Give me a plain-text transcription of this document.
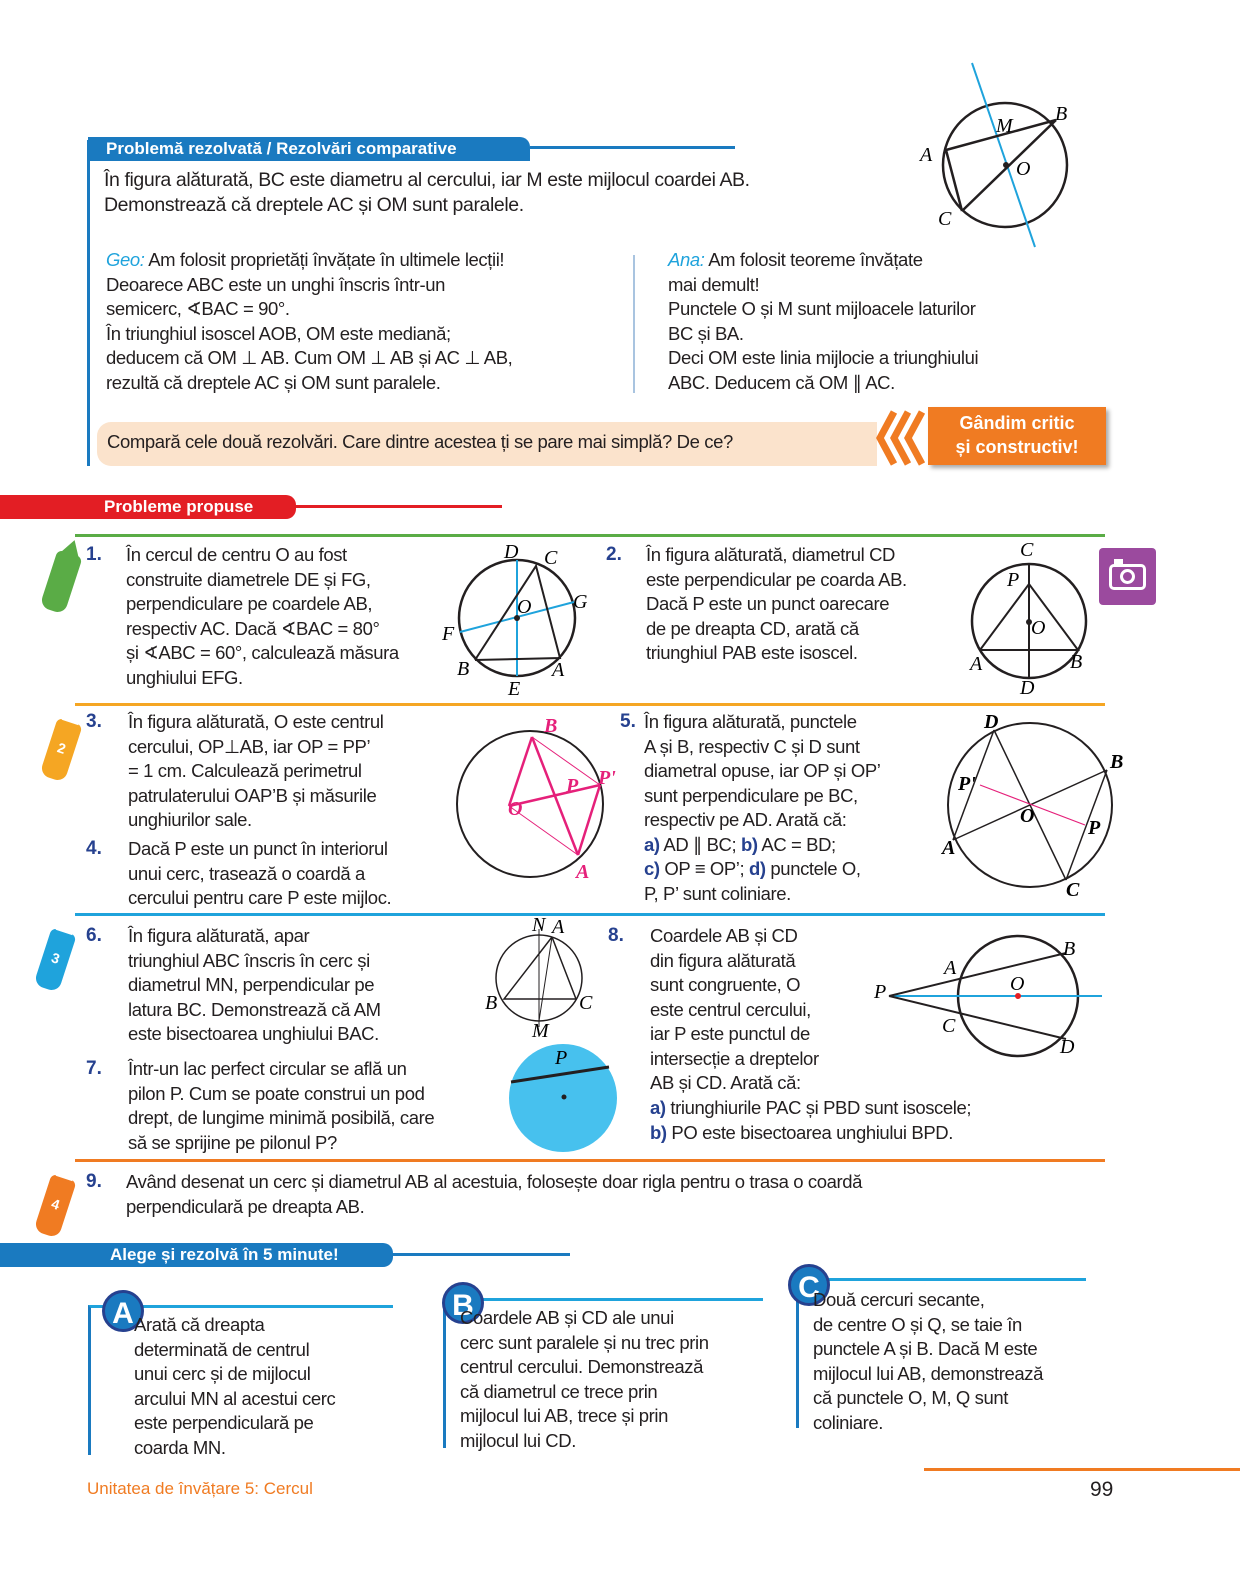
Problemă rezolvată / Rezolvări comparative
În figura alăturată, BC este diametru al cercului, iar M este mijlocul coardei AB.
Demonstrează că dreptele AC și OM sunt paralele.
Geo: Am folosit proprietăți învățate în ultimele lecții!
Deoarece ABC este un unghi înscris într-un
semicerc, ∢BAC = 90°.
În triunghiul isoscel AOB, OM este mediană;
deducem că OM ⊥ AB. Cum OM ⊥ AB și AC ⊥ AB,
rezultă că dreptele AC și OM sunt paralele.
Ana: Am folosit teoreme învățate
mai demult!
Punctele O și M sunt mijloacele laturilor
BC și BA.
Deci OM este linia mijlocie a triunghiului
ABC. Deducem că OM ∥ AC.
Compară cele două rezolvări. Care dintre acestea ți se pare mai simplă? De ce?
Gândim critic
și constructiv!
A
B
C
M
O
Probleme propuse
1
2
3
4
1. În cercul de centru O au fost
construite diametrele DE și FG,
perpendiculare pe coardele AB,
respectiv AC. Dacă ∢BAC = 80°
și ∢ABC = 60°, calculează măsura
unghiului EFG.
D C
O G
F
B
E
A
2. În figura alăturată, diametrul CD
este perpendicular pe coarda AB.
Dacă P este un punct oarecare
de pe dreapta CD, arată că
triunghiul PAB este isoscel.
C
P
O
A	B
D
3. În figura alăturată, O este centrul
cercului, OP⊥AB, iar OP = PP’
= 1 cm. Calculează perimetrul
patrulaterului OAP’B și măsurile
unghiurilor sale.
B
P P'
O
A
4. Dacă P este un punct în interiorul
unui cerc, trasează o coardă a
cercului pentru care P este mijloc.
5. În figura alăturată, punctele
A și B, respectiv C și D sunt
diametral opuse, iar OP și OP’
sunt perpendiculare pe BC,
respectiv pe AD. Arată că:
a) AD ∥ BC; b) AC = BD;
c) OP ≡ OP’; d) punctele O,
P, P’ sunt coliniare.
D
B
P'
O
P
A
C
6. În figura alăturată, apar
triunghiul ABC înscris în cerc și
diametrul MN, perpendicular pe
latura BC. Demonstrează că AM
este bisectoarea unghiului BAC.
N A
B	C
M
7. Într-un lac perfect circular se află un
pilon P. Cum se poate construi un pod
drept, de lungime minimă posibilă, care
să se sprijine pe pilonul P?
P
8. Coardele AB și CD
din figura alăturată
sunt congruente, O
este centrul cercului,
iar P este punctul de
intersecție a dreptelor
AB și CD. Arată că:
a) triunghiurile PAC și PBD sunt isoscele;
b) PO este bisectoarea unghiului BPD.
A
B
O
P
C
D
9. Având desenat un cerc și diametrul AB al acestuia, folosește doar rigla pentru o trasa o coardă
perpendiculară pe dreapta AB.
Alege și rezolvă în 5 minute!
A Arată că dreapta
determinată de centrul
unui cerc și de mijlocul
arcului MN al acestui cerc
este perpendiculară pe
coarda MN.
B
Coardele AB și CD ale unui
cerc sunt paralele și nu trec prin
centrul cercului. Demonstrează
că diametrul ce trece prin
mijlocul lui AB, trece și prin
mijlocul lui CD.
C
Două cercuri secante,
de centre O și Q, se taie în
punctele A și B. Dacă M este
mijlocul lui AB, demonstrează
că punctele O, M, Q sunt
coliniare.
Unitatea de învățare 5: Cercul	99
